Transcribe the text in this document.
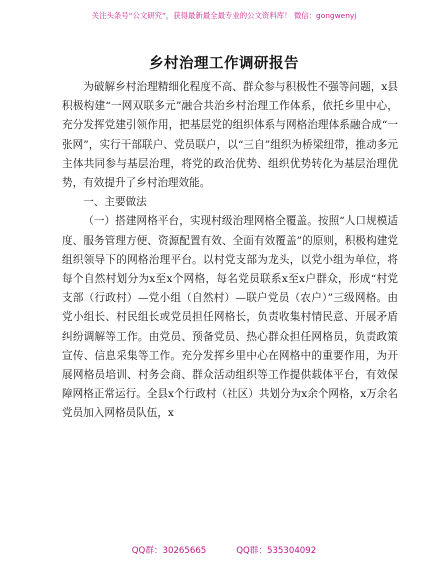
关注头条号“公文研究”，获得最新最全最专业的公文资料库！ 微信：gongwenyj
乡村治理工作调研报告

为破解乡村治理精细化程度不高、群众参与积极性不强等问题，x县积极构建“一网双联多元”融合共治乡村治理工作体系，依托乡里中心，充分发挥党建引领作用，把基层党的组织体系与网格治理体系融合成“一张网”，实行干部联户、党员联户，以“三自”组织为桥梁纽带，推动多元主体共同参与基层治理，将党的政治优势、组织优势转化为基层治理优势，有效提升了乡村治理效能。

一、主要做法

（一）搭建网格平台，实现村级治理网格全覆盖。按照“人口规模适度、服务管理方便、资源配置有效、全面有效覆盖”的原则，积极构建党组织领导下的网格治理平台。以村党支部为龙头，以党小组为单位，将每个自然村划分为x至x个网格，每名党员联系x至x户群众，形成“村党支部（行政村）—党小组（自然村）—联户党员（农户）”三级网格。由党小组长、村民组长或党员担任网格长，负责收集村情民意、开展矛盾纠纷调解等工作。由党员、预备党员、热心群众担任网格员，负责政策宣传、信息采集等工作。充分发挥乡里中心在网格中的重要作用，为开展网格员培训、村务会商、群众活动组织等工作提供载体平台，有效保障网格正常运行。全县x个行政村（社区）共划分为x余个网格，x万余名党员加入网格员队伍，x

QQ群：30265665	QQ群：535304092
